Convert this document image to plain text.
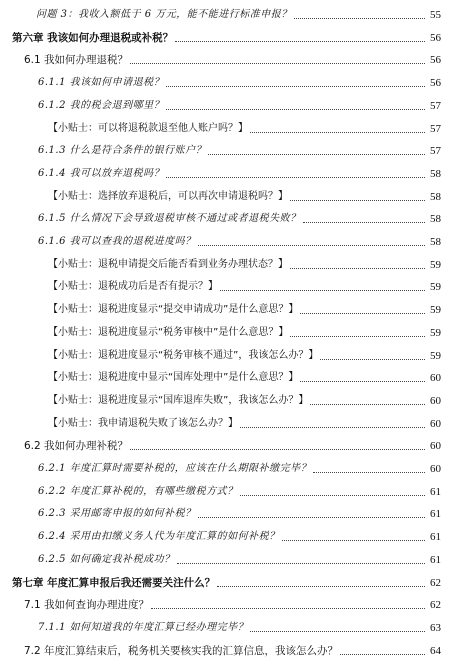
问题 3：我收入额低于 6 万元，能不能进行标准申报？	55
第六章 我该如何办理退税或补税？	56
6.1 我如何办理退税？	56
6.1.1 我该如何申请退税？	56
6.1.2 我的税会退到哪里？	57
【小贴士：可以将退税款退至他人账户吗？】	57
6.1.3 什么是符合条件的银行账户？	57
6.1.4 我可以放弃退税吗？	58
【小贴士：选择放弃退税后，可以再次申请退税吗？】	58
6.1.5 什么情况下会导致退税审核不通过或者退税失败？	58
6.1.6 我可以查我的退税进度吗？	58
【小贴士：退税申请提交后能否看到业务办理状态？】	59
【小贴士：退税成功后是否有提示？】	59
【小贴士：退税进度显示“提交申请成功”是什么意思？】	59
【小贴士：退税进度显示“税务审核中”是什么意思？】	59
【小贴士：退税进度显示“税务审核不通过”，我该怎么办？】	59
【小贴士：退税进度中显示“国库处理中”是什么意思？】	60
【小贴士：退税进度显示“国库退库失败”，我该怎么办？】	60
【小贴士：我申请退税失败了该怎么办？】	60
6.2 我如何办理补税？	60
6.2.1 年度汇算时需要补税的，应该在什么期限补缴完毕？	60
6.2.2 年度汇算补税的，有哪些缴税方式？	61
6.2.3 采用邮寄申报的如何补税？	61
6.2.4 采用由扣缴义务人代为年度汇算的如何补税？	61
6.2.5 如何确定我补税成功？	61
第七章 年度汇算申报后我还需要关注什么？	62
7.1 我如何查询办理进度？	62
7.1.1 如何知道我的年度汇算已经办理完毕？	63
7.2 年度汇算结束后，税务机关要核实我的汇算信息，我该怎么办？	64
